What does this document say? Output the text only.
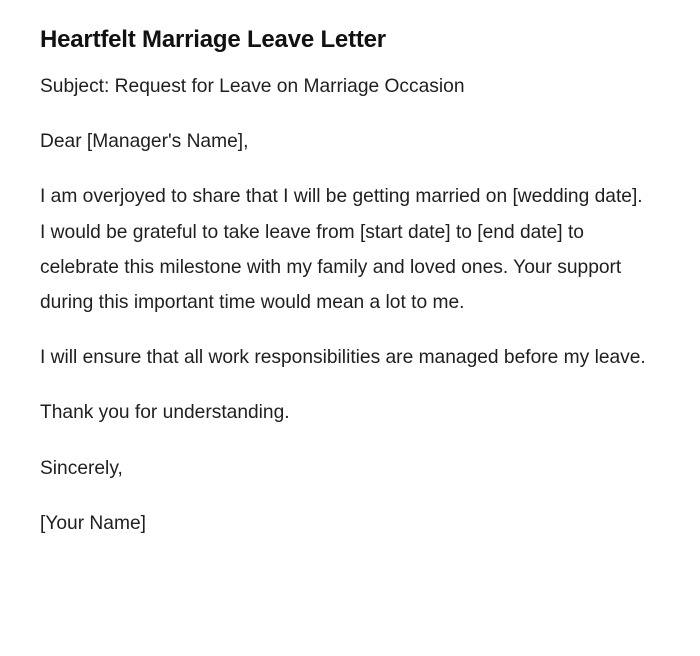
Heartfelt Marriage Leave Letter

Subject: Request for Leave on Marriage Occasion

Dear [Manager's Name],

I am overjoyed to share that I will be getting married on [wedding date]. I would be grateful to take leave from [start date] to [end date] to celebrate this milestone with my family and loved ones. Your support during this important time would mean a lot to me.

I will ensure that all work responsibilities are managed before my leave.

Thank you for understanding.

Sincerely,

[Your Name]
